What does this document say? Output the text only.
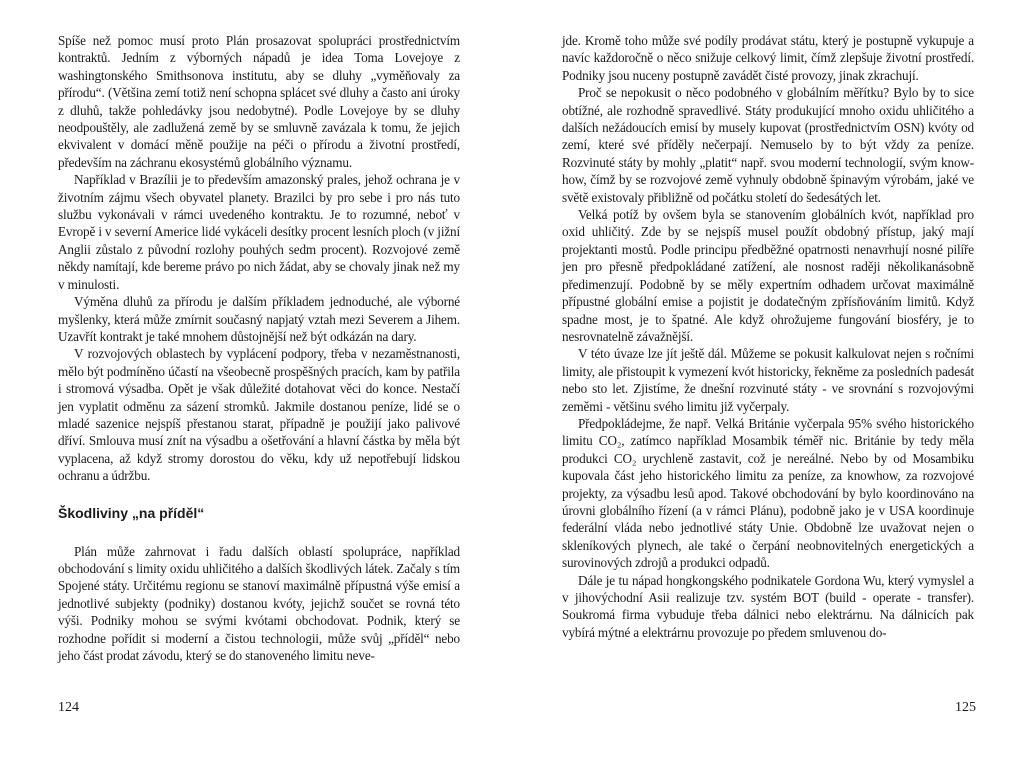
Spíše než pomoc musí proto Plán prosazovat spolupráci prostřednictvím kontraktů. Jedním z výborných nápadů je idea Toma Lovejoye z washingtonského Smithsonova institutu, aby se dluhy „vyměňovaly za přírodu“. (Většina zemí totiž není schopna splácet své dluhy a často ani úroky z dluhů, takže pohledávky jsou nedobytné). Podle Lovejoye by se dluhy neodpouštěly, ale zadlužená země by se smluvně zavázala k tomu, že jejich ekvivalent v domácí měně použije na péči o přírodu a životní prostředí, především na záchranu ekosystémů globálního významu.

Například v Brazílii je to především amazonský prales, jehož ochrana je v životním zájmu všech obyvatel planety. Brazilci by pro sebe i pro nás tuto službu vykonávali v rámci uvedeného kontraktu. Je to rozumné, neboť v Evropě i v severní Americe lidé vykáceli desítky procent lesních ploch (v jižní Anglii zůstalo z původní rozlohy pouhých sedm procent). Rozvojové země někdy namítají, kde bereme právo po nich žádat, aby se chovaly jinak než my v minulosti.

Výměna dluhů za přírodu je dalším příkladem jednoduché, ale výborné myšlenky, která může zmírnit současný napjatý vztah mezi Severem a Jihem. Uzavřít kontrakt je také mnohem důstojnější než být odkázán na dary.

V rozvojových oblastech by vyplácení podpory, třeba v nezaměstnanosti, mělo být podmíněno účastí na všeobecně prospěšných pracích, kam by patřila i stromová výsadba. Opět je však důležité dotahovat věci do konce. Nestačí jen vyplatit odměnu za sázení stromků. Jakmile dostanou peníze, lidé se o mladé sazenice nejspíš přestanou starat, případně je použijí jako palivové dříví. Smlouva musí znít na výsadbu a ošetřování a hlavní částka by měla být vyplacena, až když stromy dorostou do věku, kdy už nepotřebují lidskou ochranu a údržbu.

Škodliviny „na příděl“

Plán může zahrnovat i řadu dalších oblastí spolupráce, například obchodování s limity oxidu uhličitého a dalších škodlivých látek. Začaly s tím Spojené státy. Určitému regionu se stanoví maximálně přípustná výše emisí a jednotlivé subjekty (podniky) dostanou kvóty, jejichž součet se rovná této výši. Podniky mohou se svými kvótami obchodovat. Podnik, který se rozhodne pořídit si moderní a čistou technologii, může svůj „příděl“ nebo jeho část prodat závodu, který se do stanoveného limitu neve-

124

jde. Kromě toho může své podíly prodávat státu, který je postupně vykupuje a navíc každoročně o něco snižuje celkový limit, čímž zlepšuje životní prostředí. Podniky jsou nuceny postupně zavádět čisté provozy, jinak zkrachují.

Proč se nepokusit o něco podobného v globálním měřítku? Bylo by to sice obtížné, ale rozhodně spravedlivé. Státy produkující mnoho oxidu uhličitého a dalších nežádoucích emisí by musely kupovat (prostřednictvím OSN) kvóty od zemí, které své příděly nečerpají. Nemuselo by to být vždy za peníze. Rozvinuté státy by mohly „platit“ např. svou moderní technologií, svým know-how, čímž by se rozvojové země vyhnuly obdobně špinavým výrobám, jaké ve světě existovaly přibližně od počátku století do šedesátých let.

Velká potíž by ovšem byla se stanovením globálních kvót, například pro oxid uhličitý. Zde by se nejspíš musel použít obdobný přístup, jaký mají projektanti mostů. Podle principu předběžné opatrnosti nenavrhují nosné pilíře jen pro přesně předpokládané zatížení, ale nosnost raději několikanásobně předimenzují. Podobně by se měly expertním odhadem určovat maximálně přípustné globální emise a pojistit je dodatečným zpřísňováním limitů. Když spadne most, je to špatné. Ale když ohrožujeme fungování biosféry, je to nesrovnatelně závažnější.

V této úvaze lze jít ještě dál. Můžeme se pokusit kalkulovat nejen s ročními limity, ale přistoupit k vymezení kvót historicky, řekněme za posledních padesát nebo sto let. Zjistíme, že dnešní rozvinuté státy - ve srovnání s rozvojovými zeměmi - většinu svého limitu již vyčerpaly.

Předpokládejme, že např. Velká Británie vyčerpala 95% svého historického limitu CO₂, zatímco například Mosambik téměř nic. Británie by tedy měla produkci CO₂ urychleně zastavit, což je nereálné. Nebo by od Mosambiku kupovala část jeho historického limitu za peníze, za knowhow, za rozvojové projekty, za výsadbu lesů apod. Takové obchodování by bylo koordinováno na úrovni globálního řízení (a v rámci Plánu), podobně jako je v USA koordinuje federální vláda nebo jednotlivé státy Unie. Obdobně lze uvažovat nejen o skleníkových plynech, ale také o čerpání neobnovitelných energetických a surovinových zdrojů a produkci odpadů.

Dále je tu nápad hongkongského podnikatele Gordona Wu, který vymyslel a v jihovýchodní Asii realizuje tzv. systém BOT (build - operate - transfer). Soukromá firma vybuduje třeba dálnici nebo elektrárnu. Na dálnicích pak vybírá mýtné a elektrárnu provozuje po předem smluvenou do-

125
